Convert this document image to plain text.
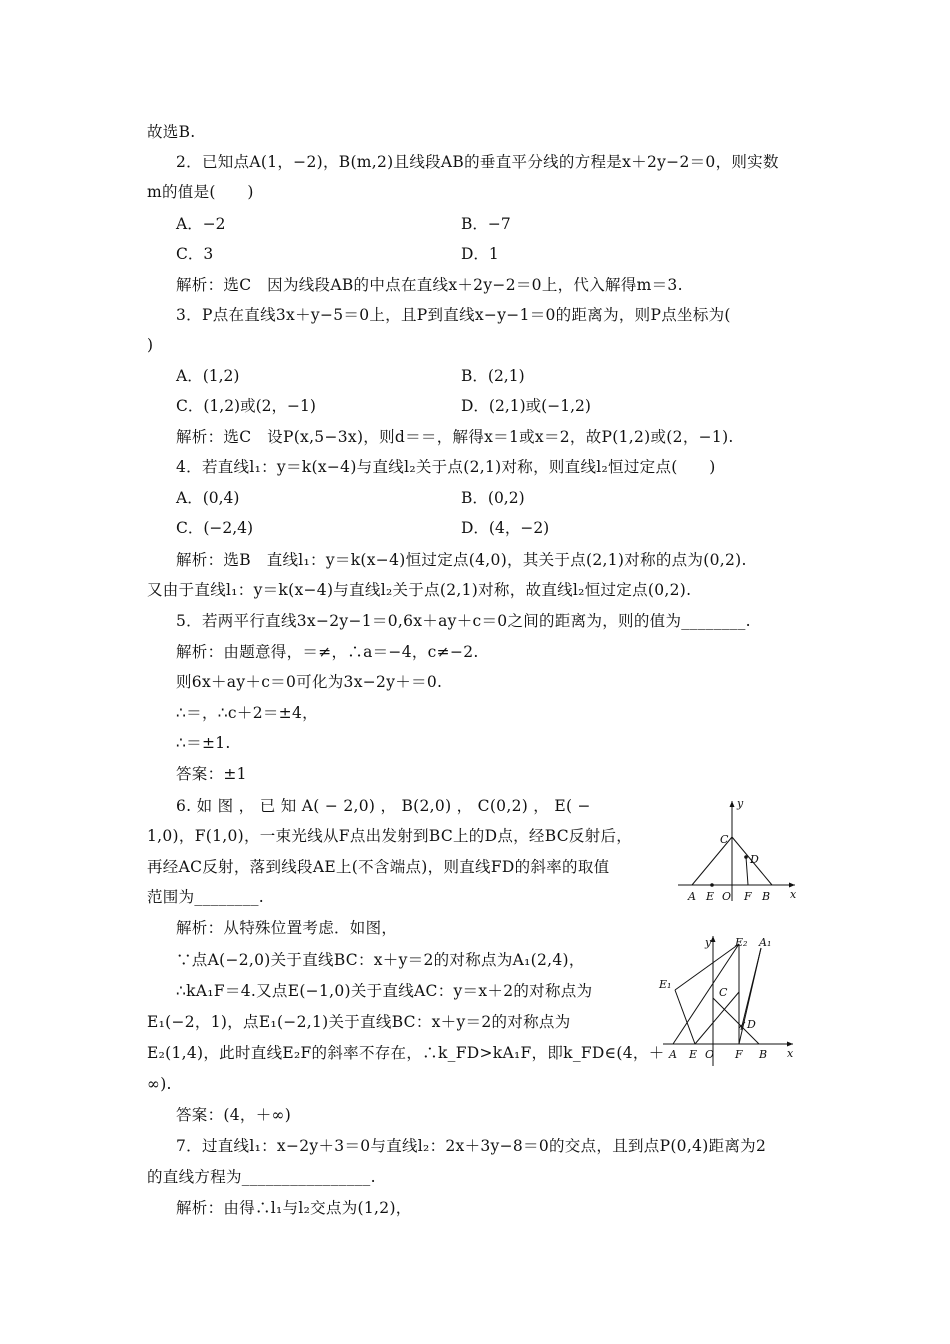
故选B.
2．已知点A(1，−2)，B(m,2)且线段AB的垂直平分线的方程是x＋2y−2＝0，则实数
m的值是(　　)
A．−2	B．−7
C．3	D．1
解析：选C　因为线段AB的中点在直线x＋2y−2＝0上，代入解得m＝3.
3．P点在直线3x＋y−5＝0上，且P到直线x−y−1＝0的距离为，则P点坐标为(
)
A．(1,2)	B．(2,1)
C．(1,2)或(2，−1)	D．(2,1)或(−1,2)
解析：选C　设P(x,5−3x)，则d＝＝，解得x＝1或x＝2，故P(1,2)或(2，−1).
4．若直线l₁：y＝k(x−4)与直线l₂关于点(2,1)对称，则直线l₂恒过定点(　　)
A．(0,4)	B．(0,2)
C．(−2,4)	D．(4，−2)
解析：选B　直线l₁：y＝k(x−4)恒过定点(4,0)，其关于点(2,1)对称的点为(0,2).
又由于直线l₁：y＝k(x−4)与直线l₂关于点(2,1)对称，故直线l₂恒过定点(0,2).
5．若两平行直线3x−2y−1＝0,6x＋ay＋c＝0之间的距离为，则的值为________.
解析：由题意得，＝≠，∴a＝−4，c≠−2.
则6x＋ay＋c＝0可化为3x−2y＋＝0.
∴＝，∴c＋2＝±4，
∴＝±1.
答案：±1
6. 如 图 ， 已 知 A( − 2,0) ， B(2,0) ， C(0,2) ， E( −
1,0)，F(1,0)，一束光线从F点出发射到BC上的D点，经BC反射后，
再经AC反射，落到线段AE上(不含端点)，则直线FD的斜率的取值
范围为________.
解析：从特殊位置考虑．如图，
∵点A(−2,0)关于直线BC：x＋y＝2的对称点为A₁(2,4)，
∴kA₁F＝4.又点E(−1,0)关于直线AC：y＝x＋2的对称点为
E₁(−2，1)，点E₁(−2,1)关于直线BC：x＋y＝2的对称点为
E₂(1,4)，此时直线E₂F的斜率不存在，∴k_FD>kA₁F，即k_FD∈(4，＋
∞).
答案：(4，＋∞)
7．过直线l₁：x−2y＋3＝0与直线l₂：2x＋3y−8＝0的交点，且到点P(0,4)距离为2
的直线方程为________________.
解析：由得∴l₁与l₂交点为(1,2)，
y
C
D
A E O F B x
y E₂ A₁
C
E₁
D
A E O F B x
